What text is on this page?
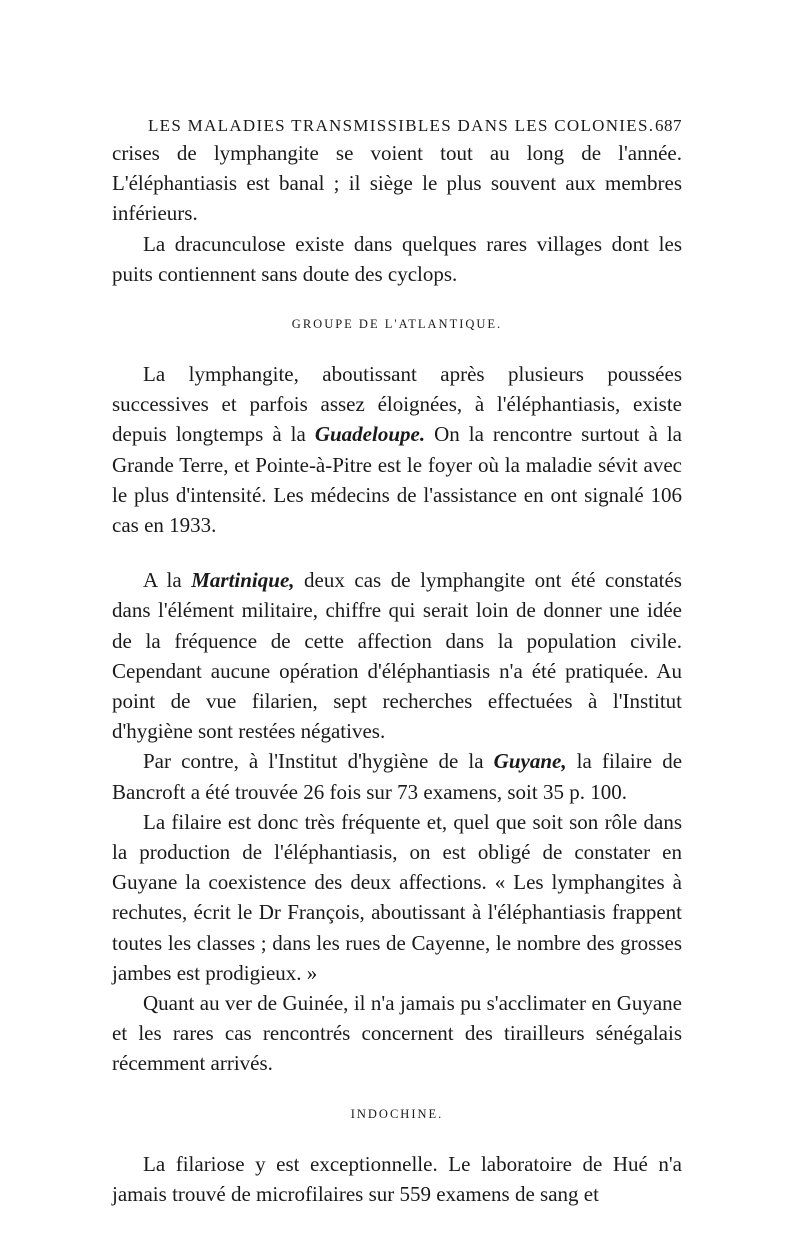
LES MALADIES TRANSMISSIBLES DANS LES COLONIES. 687

crises de lymphangite se voient tout au long de l'année. L'éléphantiasis est banal ; il siège le plus souvent aux membres inférieurs.

La dracunculose existe dans quelques rares villages dont les puits contiennent sans doute des cyclops.

GROUPE DE L'ATLANTIQUE.

La lymphangite, aboutissant après plusieurs poussées successives et parfois assez éloignées, à l'éléphantiasis, existe depuis longtemps à la Guadeloupe. On la rencontre surtout à la Grande Terre, et Pointe-à-Pitre est le foyer où la maladie sévit avec le plus d'intensité. Les médecins de l'assistance en ont signalé 106 cas en 1933.

A la Martinique, deux cas de lymphangite ont été constatés dans l'élément militaire, chiffre qui serait loin de donner une idée de la fréquence de cette affection dans la population civile. Cependant aucune opération d'éléphantiasis n'a été pratiquée. Au point de vue filarien, sept recherches effectuées à l'Institut d'hygiène sont restées négatives.

Par contre, à l'Institut d'hygiène de la Guyane, la filaire de Bancroft a été trouvée 26 fois sur 73 examens, soit 35 p. 100.

La filaire est donc très fréquente et, quel que soit son rôle dans la production de l'éléphantiasis, on est obligé de constater en Guyane la coexistence des deux affections. « Les lymphangites à rechutes, écrit le Dr François, aboutissant à l'éléphantiasis frappent toutes les classes ; dans les rues de Cayenne, le nombre des grosses jambes est prodigieux. »

Quant au ver de Guinée, il n'a jamais pu s'acclimater en Guyane et les rares cas rencontrés concernent des tirailleurs sénégalais récemment arrivés.

INDOCHINE.

La filariose y est exceptionnelle. Le laboratoire de Hué n'a jamais trouvé de microfilaires sur 559 examens de sang et
